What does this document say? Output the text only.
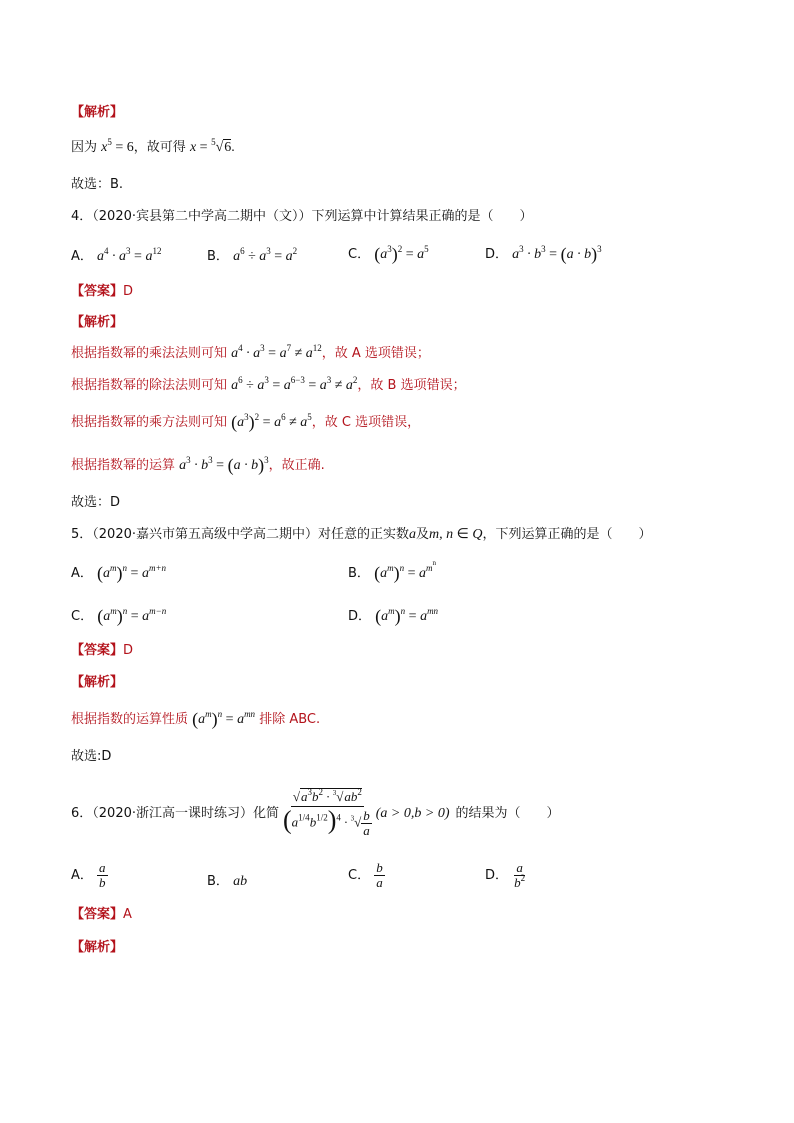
【解析】
因为 $x^5 = 6$，故可得 x = $^5$√6.
故选：B.
4．（2020·宾县第二中学高二期中（文））下列运算中计算结果正确的是（　　）
A． $a^4 \cdot a^3 = a^{12}$	B． $a^6 \div a^3 = a^2$	C． $(a^3)^2 = a^5$	D． $a^3 \cdot b^3 = (a \cdot b)^3$
【答案】D
【解析】
根据指数幂的乘法法则可知 $a^4 \cdot a^3 = a^7 \ne a^{12}$，故 A 选项错误；
根据指数幂的除法法则可知 $a^6 \div a^3 = a^{6-3} = a^3 \ne a^2$，故 B 选项错误；
根据指数幂的乘方法则可知 $(a^3)^2 = a^6 \ne a^5$，故 C 选项错误，
根据指数幂的运算 $a^3 \cdot b^3 = (a \cdot b)^3$，故正确.
故选：D
5．（2020·嘉兴市第五高级中学高二期中）对任意的正实数a及m, n ∈ Q，下列运算正确的是（　　）
A． $(a^m)^n = a^{m+n}$	B． $(a^m)^n = a^{m^n}$
C． $(a^m)^n = a^{m-n}$	D． $(a^m)^n = a^{mn}$
【答案】D
【解析】
根据指数的运算性质 $(a^m)^n = a^{mn}$ 排除 ABC.
故选:D
6．（2020·浙江高一课时练习）化简 $\frac{√a^3b^2 \cdot ^3√ab^2}{(a^{1/4}b^{1/2})^4 \cdot ^3√ \frac{b}{a}} (a > 0,b > 0)$ 的结果为（　　）
A． $\frac{a}{b}$	B． ab	C． $\frac{b}{a}$	D． $\frac{a}{b^2}$
【答案】A
【解析】
